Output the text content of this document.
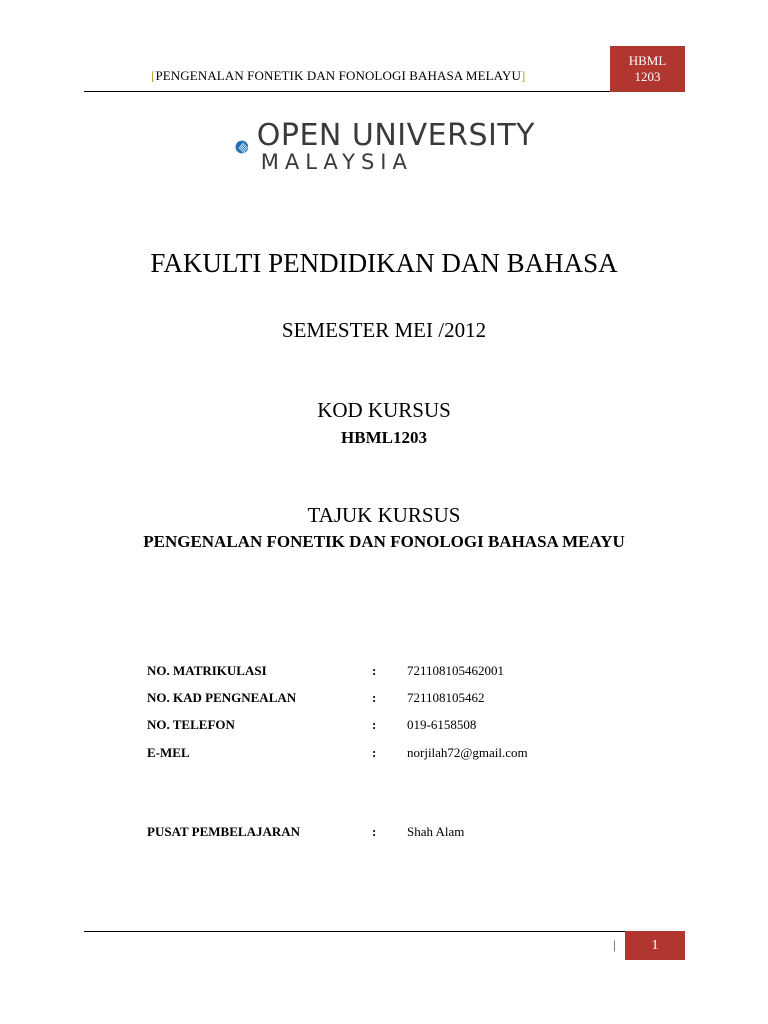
[PENGENALAN FONETIK DAN FONOLOGI BAHASA MELAYU]
HBML
1203
OPEN UNIVERSITY
MALAYSIA
FAKULTI PENDIDIKAN DAN BAHASA
SEMESTER MEI /2012
KOD KURSUS
HBML1203
TAJUK KURSUS
PENGENALAN FONETIK DAN FONOLOGI BAHASA MEAYU
NO. MATRIKULASI	: 721108105462001
NO. KAD PENGNEALAN	: 721108105462
NO. TELEFON	: 019-6158508
E-MEL	: norjilah72@gmail.com
PUSAT PEMBELAJARAN	: Shah Alam
|	1
